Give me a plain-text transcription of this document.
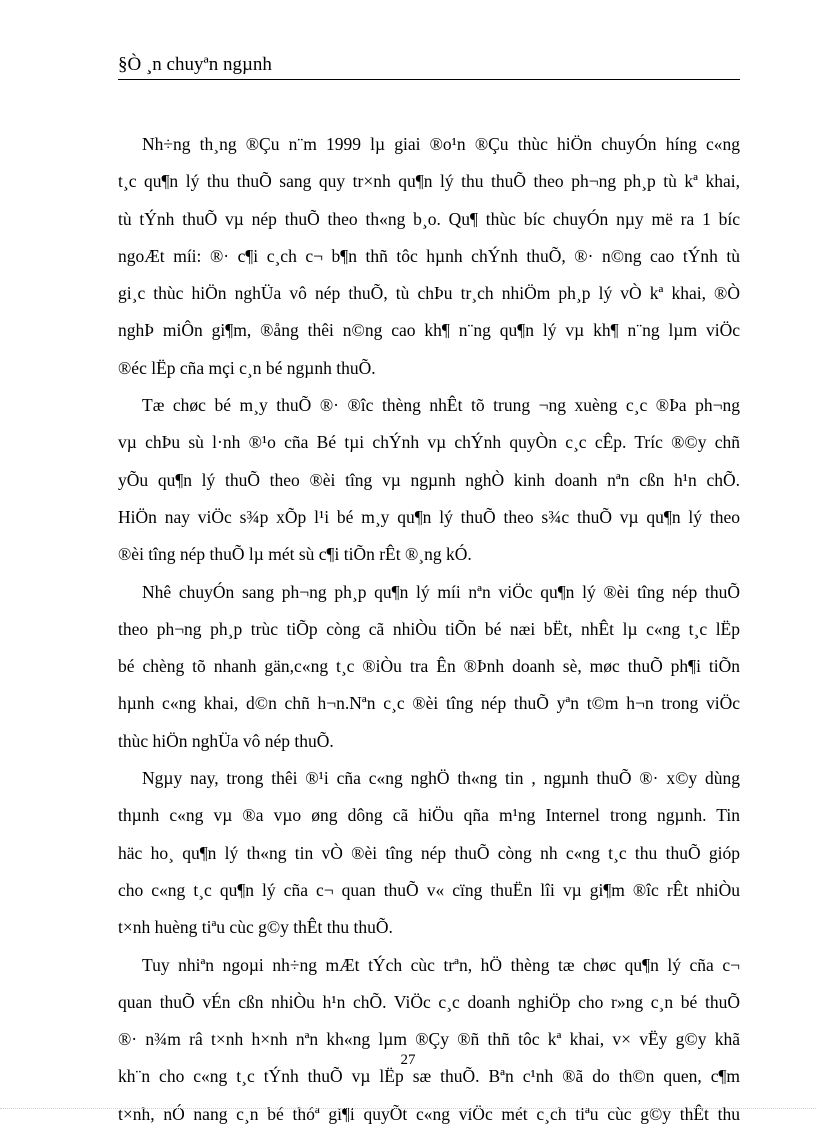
§Ò ¸n chuyªn ngµnh
Nh÷ng th¸ng ®Çu n¨m 1999 lµ giai ®o¹n ®Çu thùc hiÖn chuyÓn híng c«ng
t¸c qu¶n lý thu thuÕ sang quy tr×nh qu¶n lý thu thuÕ theo ph¬ng ph¸p tù kª khai,
tù tÝnh thuÕ vµ nép thuÕ theo th«ng b¸o. Qu¶ thùc bíc chuyÓn nµy më ra 1 bíc
ngoÆt míi: ®· c¶i c¸ch c¬ b¶n thñ tôc hµnh chÝnh thuÕ, ®· n©ng cao tÝnh tù
gi¸c thùc hiÖn nghÜa vô nép thuÕ, tù chÞu tr¸ch nhiÖm ph¸p lý vÒ kª khai, ®Ò
nghÞ miÔn gi¶m, ®ång thêi n©ng cao kh¶ n¨ng qu¶n lý vµ kh¶ n¨ng lµm viÖc
®éc lËp cña mçi c¸n bé ngµnh thuÕ.
Tæ chøc bé m¸y thuÕ ®· ®îc thèng nhÊt tõ trung ¬ng xuèng c¸c ®Þa ph¬ng
vµ chÞu sù l·nh ®¹o cña Bé tµi chÝnh vµ chÝnh quyÒn c¸c cÊp. Tríc ®©y chñ
yÕu qu¶n lý thuÕ theo ®èi tîng vµ ngµnh nghÒ kinh doanh nªn cßn h¹n chÕ.
HiÖn nay viÖc s¾p xÕp l¹i bé m¸y qu¶n lý thuÕ theo s¾c thuÕ vµ qu¶n lý theo
®èi tîng nép thuÕ lµ mét sù c¶i tiÕn rÊt ®¸ng kÓ.
Nhê chuyÓn sang ph¬ng ph¸p qu¶n lý míi nªn viÖc qu¶n lý ®èi tîng nép thuÕ
theo ph¬ng ph¸p trùc tiÕp còng cã nhiÒu tiÕn bé næi bËt, nhÊt lµ c«ng t¸c lËp
bé chèng tõ nhanh gän,c«ng t¸c ®iÒu tra Ên ®Þnh doanh sè, møc thuÕ ph¶i tiÕn
hµnh c«ng khai, d©n chñ h¬n.Nªn c¸c ®èi tîng nép thuÕ yªn t©m h¬n trong viÖc
thùc hiÖn nghÜa vô nép thuÕ.
Ngµy nay, trong thêi ®¹i cña c«ng nghÖ th«ng tin , ngµnh thuÕ ®· x©y dùng
thµnh c«ng vµ ®a vµo øng dông cã hiÖu qña m¹ng Internel trong ngµnh. Tin
häc ho¸ qu¶n lý th«ng tin vÒ ®èi tîng nép thuÕ còng nh c«ng t¸c thu thuÕ gióp
cho c«ng t¸c qu¶n lý cña c¬ quan thuÕ v« cïng thuËn lîi vµ gi¶m ®îc rÊt nhiÒu
t×nh huèng tiªu cùc g©y thÊt thu thuÕ.
Tuy nhiªn ngoµi nh÷ng mÆt tÝch cùc trªn, hÖ thèng tæ chøc qu¶n lý cña c¬
quan thuÕ vÉn cßn nhiÒu h¹n chÕ. ViÖc c¸c doanh nghiÖp cho r»ng c¸n bé thuÕ
®· n¾m râ t×nh h×nh nªn kh«ng lµm ®Çy ®ñ thñ tôc kª khai, v× vËy g©y khã
kh¨n cho c«ng t¸c tÝnh thuÕ vµ lËp sæ thuÕ. Bªn c¹nh ®ã do th©n quen, c¶m
t×nh, nÓ nang c¸n bé thóª gi¶i quyÕt c«ng viÖc mét c¸ch tiªu cùc g©y thÊt thu
27
